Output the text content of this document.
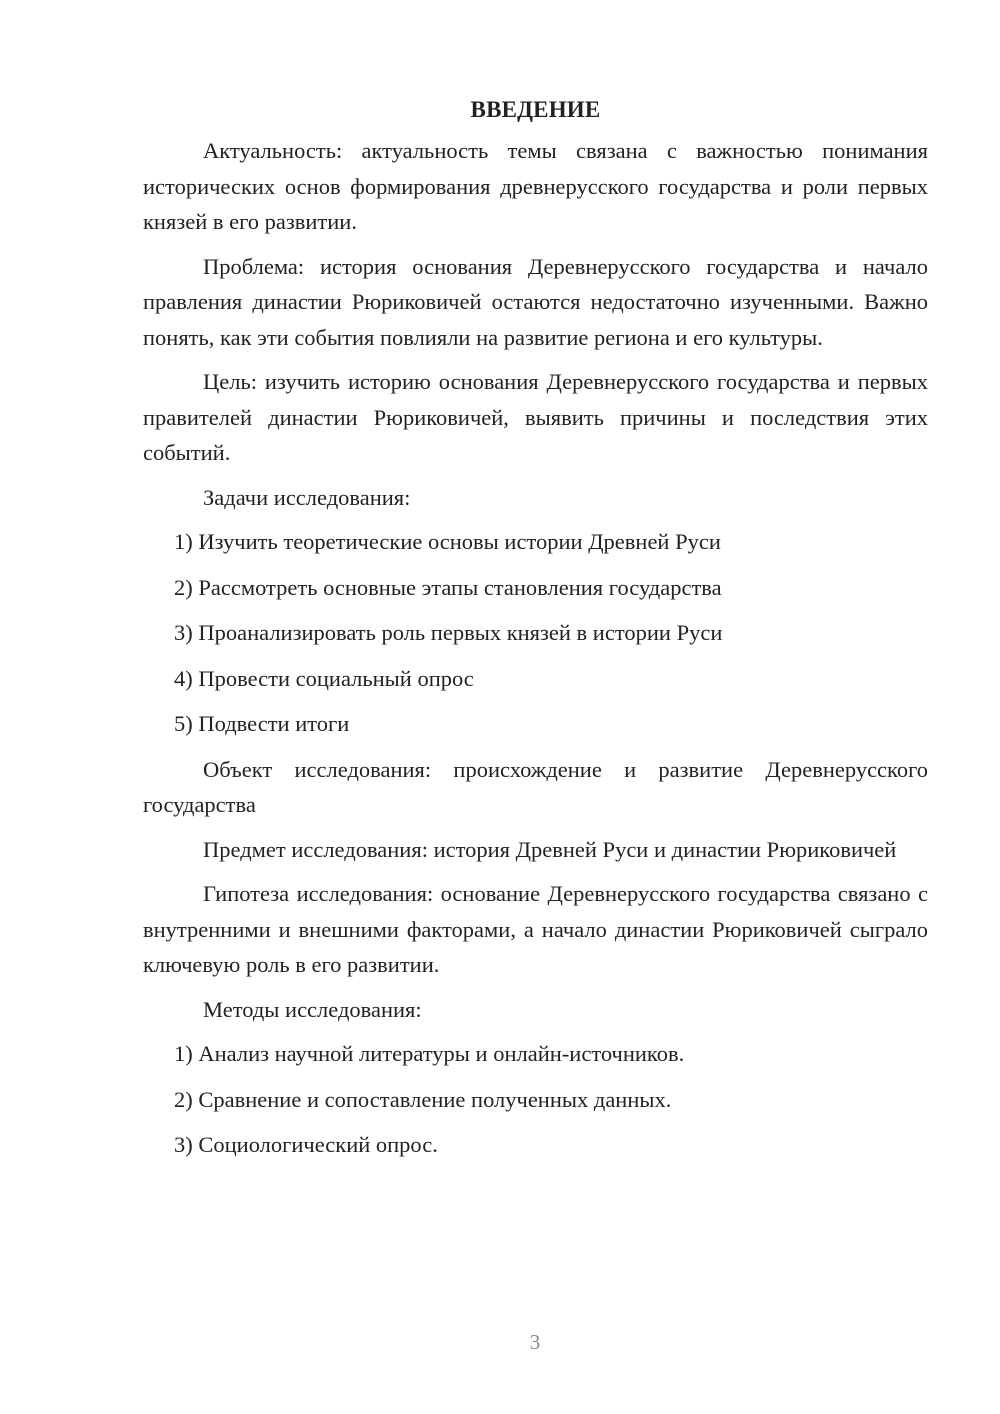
ВВЕДЕНИЕ

Актуальность: актуальность темы связана с важностью понимания исторических основ формирования древнерусского государства и роли первых князей в его развитии.

Проблема: история основания Деревнерусского государства и начало правления династии Рюриковичей остаются недостаточно изученными. Важно понять, как эти события повлияли на развитие региона и его культуры.

Цель: изучить историю основания Деревнерусского государства и первых правителей династии Рюриковичей, выявить причины и последствия этих событий.

Задачи исследования:

1) Изучить теоретические основы истории Древней Руси
2) Рассмотреть основные этапы становления государства
3) Проанализировать роль первых князей в истории Руси
4) Провести социальный опрос
5) Подвести итоги

Объект исследования: происхождение и развитие Деревнерусского государства

Предмет исследования: история Древней Руси и династии Рюриковичей

Гипотеза исследования: основание Деревнерусского государства связано с внутренними и внешними факторами, а начало династии Рюриковичей сыграло ключевую роль в его развитии.

Методы исследования:

1) Анализ научной литературы и онлайн-источников.
2) Сравнение и сопоставление полученных данных.
3) Социологический опрос.
3
